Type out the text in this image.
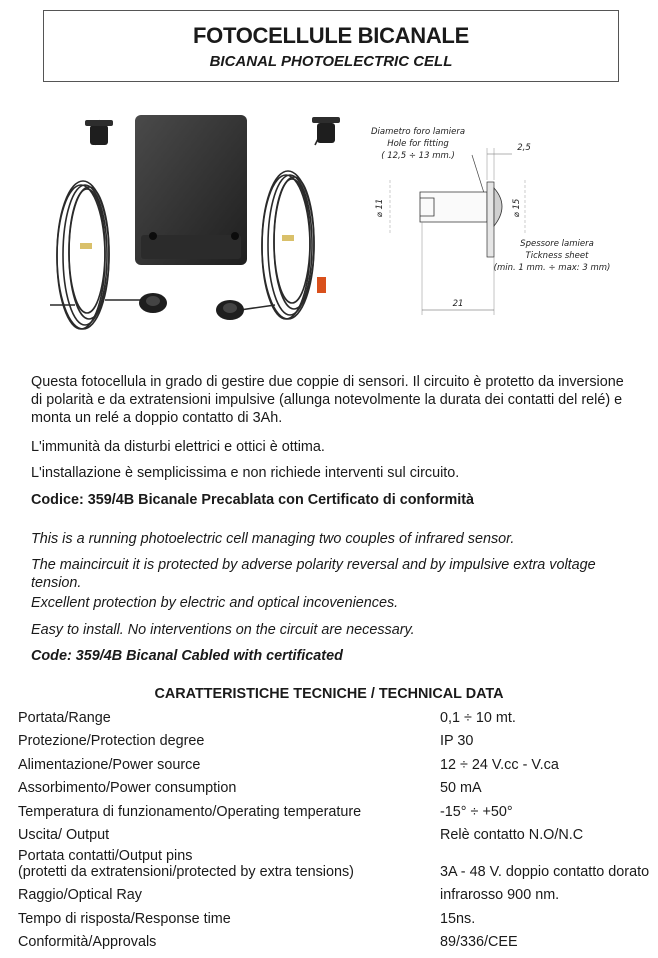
FOTOCELLULE BICANALE
BICANAL PHOTOELECTRIC CELL
Diametro foro lamiera
Hole for fitting
( 12,5 ÷ 13 mm.)
2,5
⌀ 11	⌀ 15
Spessore lamiera
Tickness sheet
(min. 1 mm. ÷ max: 3 mm)
21

Questa fotocellula in grado di gestire due coppie di sensori. Il circuito è protetto da inversione di polarità e da extratensioni impulsive (allunga notevolmente la durata dei contatti del relé) e monta un relé a doppio contatto di 3Ah.

L'immunità da disturbi elettrici e ottici è ottima.

L'installazione è semplicissima e non richiede interventi sul circuito.

Codice: 359/4B Bicanale Precablata con Certificato di conformità

This is a running photoelectric cell managing two couples of infrared sensor.

The maincircuit it is protected by adverse polarity reversal and by impulsive extra voltage tension.

Excellent protection by electric and optical incoveniences.

Easy to install. No interventions on the circuit are necessary.

Code: 359/4B Bicanal Cabled with certificated

CARATTERISTICHE TECNICHE / TECHNICAL DATA
Portata/Range	0,1 ÷ 10 mt.
Protezione/Protection degree	IP 30
Alimentazione/Power source	12 ÷ 24 V.cc - V.ca
Assorbimento/Power consumption	50 mA
Temperatura di funzionamento/Operating temperature	-15° ÷ +50°
Uscita/ Output	Relè contatto N.O/N.C
Portata contatti/Output pins
(protetti da extratensioni/protected by extra tensions)	3A - 48 V. doppio contatto dorato
Raggio/Optical Ray	infrarosso 900 nm.
Tempo di risposta/Response time	15ns.
Conformità/Approvals	89/336/CEE
